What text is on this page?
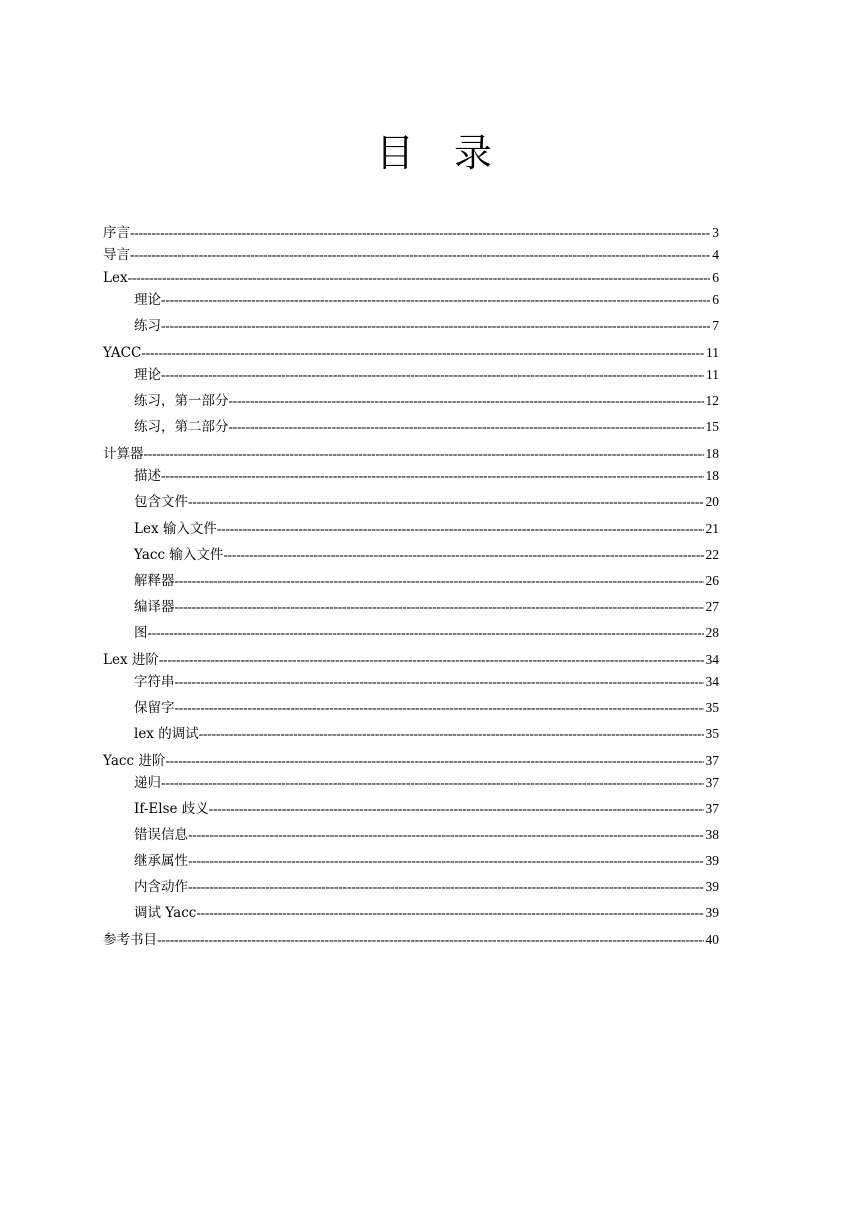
目录
序言 -----	3
导言 -----	4
Lex -----	6
理论 -----	6
练习 -----	7
YACC -----	11
理论 -----	11
练习，第一部分 -----	12
练习，第二部分 -----	15
计算器 -----	18
描述 -----	18
包含文件 -----	20
Lex 输入文件 -----	21
Yacc 输入文件 -----	22
解释器 -----	26
编译器 -----	27
图 -----	28
Lex 进阶 -----	34
字符串 -----	34
保留字 -----	35
lex 的调试 -----	35
Yacc 进阶 -----	37
递归 -----	37
If-Else 歧义 -----	37
错误信息 -----	38
继承属性 -----	39
内含动作 -----	39
调试 Yacc -----	39
参考书目 -----	40
